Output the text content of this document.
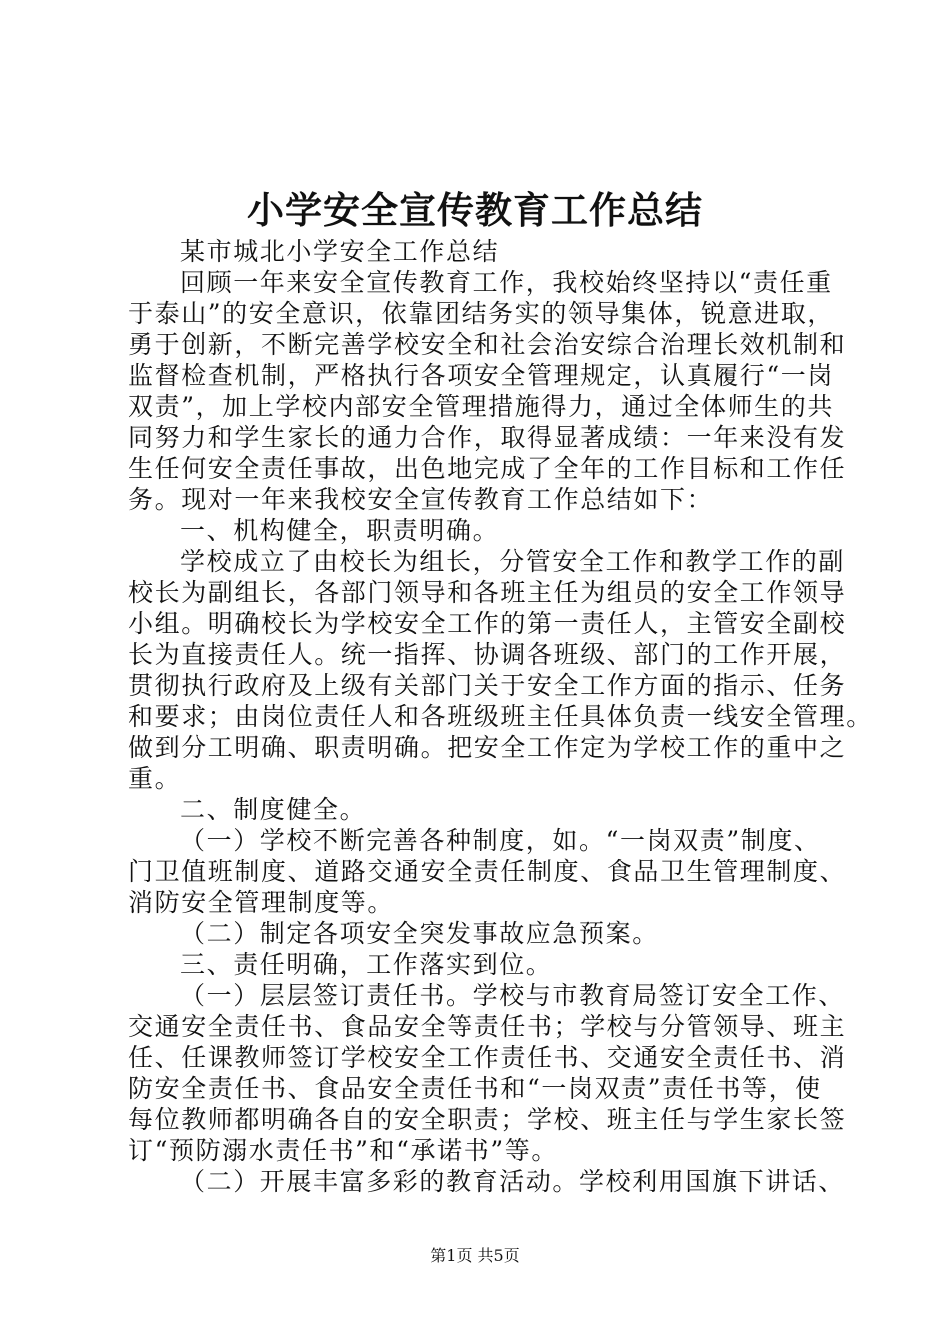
小学安全宣传教育工作总结
某市城北小学安全工作总结
回顾一年来安全宣传教育工作，我校始终坚持以“责任重
于泰山”的安全意识，依靠团结务实的领导集体，锐意进取，
勇于创新，不断完善学校安全和社会治安综合治理长效机制和
监督检查机制，严格执行各项安全管理规定，认真履行“一岗
双责”，加上学校内部安全管理措施得力，通过全体师生的共
同努力和学生家长的通力合作，取得显著成绩：一年来没有发
生任何安全责任事故，出色地完成了全年的工作目标和工作任
务。现对一年来我校安全宣传教育工作总结如下：
一、机构健全，职责明确。
学校成立了由校长为组长，分管安全工作和教学工作的副
校长为副组长，各部门领导和各班主任为组员的安全工作领导
小组。明确校长为学校安全工作的第一责任人，主管安全副校
长为直接责任人。统一指挥、协调各班级、部门的工作开展，
贯彻执行政府及上级有关部门关于安全工作方面的指示、任务
和要求；由岗位责任人和各班级班主任具体负责一线安全管理。
做到分工明确、职责明确。把安全工作定为学校工作的重中之
重。
二、制度健全。
（一）学校不断完善各种制度，如。“一岗双责”制度、
门卫值班制度、道路交通安全责任制度、食品卫生管理制度、
消防安全管理制度等。
（二）制定各项安全突发事故应急预案。
三、责任明确，工作落实到位。
（一）层层签订责任书。学校与市教育局签订安全工作、
交通安全责任书、食品安全等责任书；学校与分管领导、班主
任、任课教师签订学校安全工作责任书、交通安全责任书、消
防安全责任书、食品安全责任书和“一岗双责”责任书等，使
每位教师都明确各自的安全职责；学校、班主任与学生家长签
订“预防溺水责任书”和“承诺书”等。
（二）开展丰富多彩的教育活动。学校利用国旗下讲话、
第1页 共5页
